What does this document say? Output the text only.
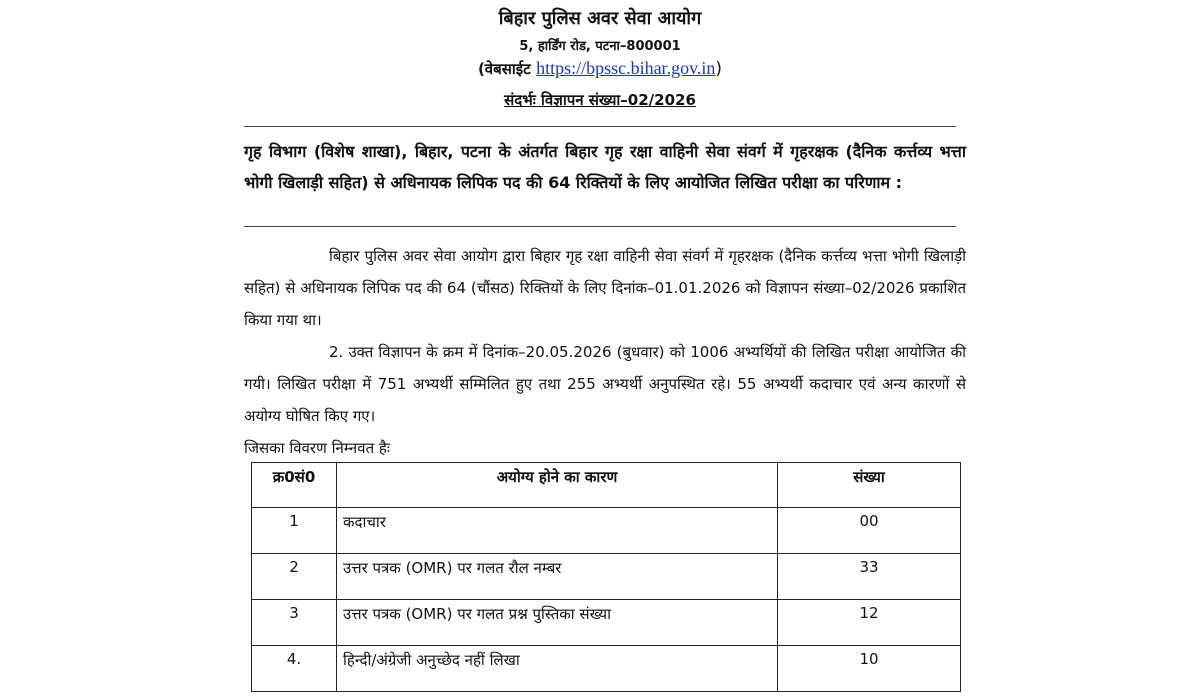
बिहार पुलिस अवर सेवा आयोग
5, हार्डिंग रोड, पटना–800001
(वेबसाईट https://bpssc.bihar.gov.in)
संदर्भः विज्ञापन संख्या–02/2026
गृह विभाग (विशेष शाखा), बिहार, पटना के अंतर्गत बिहार गृह रक्षा वाहिनी सेवा संवर्ग में गृहरक्षक (दैनिक कर्त्तव्य भत्ता भोगी खिलाड़ी सहित) से अधिनायक लिपिक पद की 64 रिक्तियों के लिए आयोजित लिखित परीक्षा का परिणाम :

बिहार पुलिस अवर सेवा आयोग द्वारा बिहार गृह रक्षा वाहिनी सेवा संवर्ग में गृहरक्षक (दैनिक कर्त्तव्य भत्ता भोगी खिलाड़ी सहित) से अधिनायक लिपिक पद की 64 (चौंसठ) रिक्तियों के लिए दिनांक–01.01.2026 को विज्ञापन संख्या–02/2026 प्रकाशित किया गया था।

2. उक्त विज्ञापन के क्रम में दिनांक–20.05.2026 (बुधवार) को 1006 अभ्यर्थियों की लिखित परीक्षा आयोजित की गयी। लिखित परीक्षा में 751 अभ्यर्थी सम्मिलित हुए तथा 255 अभ्यर्थी अनुपस्थित रहे। 55 अभ्यर्थी कदाचार एवं अन्य कारणों से अयोग्य घोषित किए गए।

जिसका विवरण निम्नवत हैः

क्र0सं0	अयोग्य होने का कारण	संख्या
1	कदाचार	00
2	उत्तर पत्रक (OMR) पर गलत रौल नम्बर	33
3	उत्तर पत्रक (OMR) पर गलत प्रश्न पुस्तिका संख्या	12
4.	हिन्दी/अंग्रेजी अनुच्छेद नहीं लिखा	10
